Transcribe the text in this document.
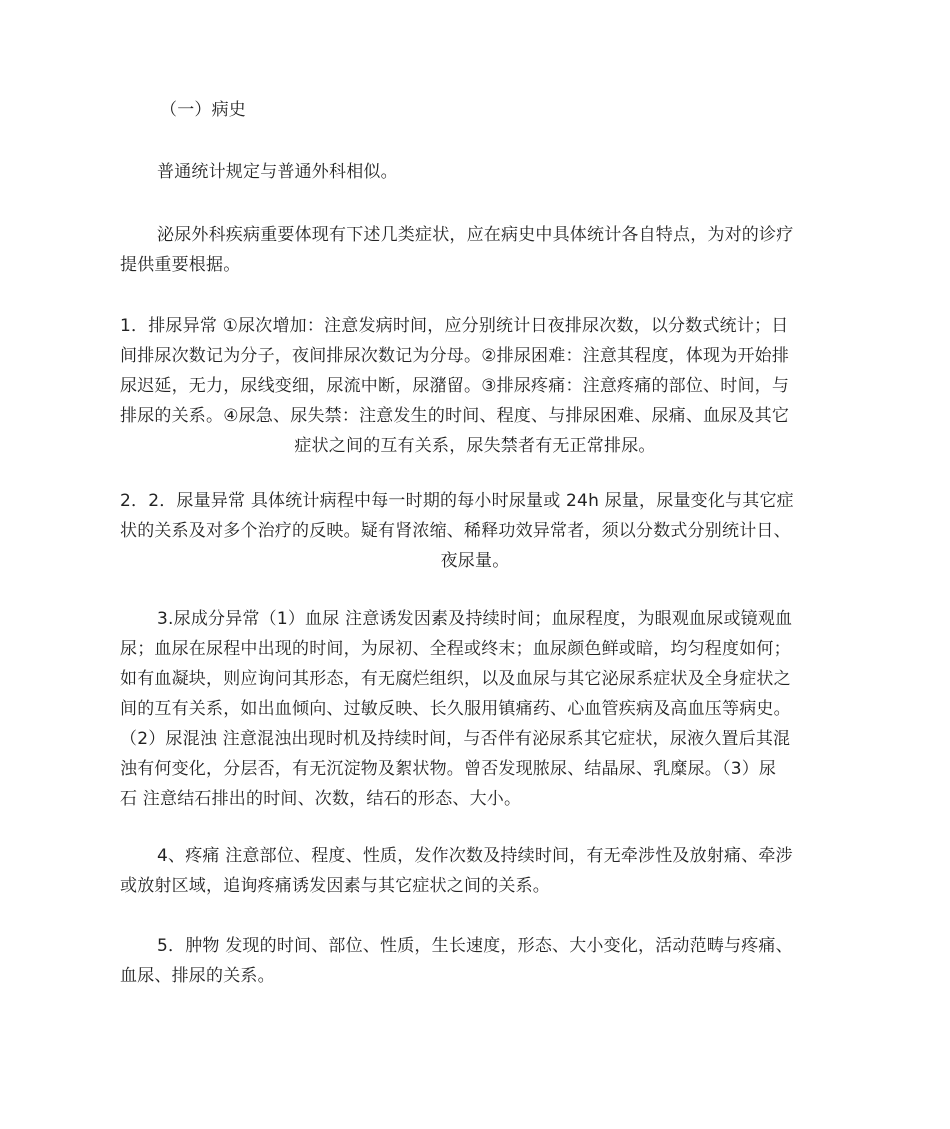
（一）病史
普通统计规定与普通外科相似。
泌尿外科疾病重要体现有下述几类症状，应在病史中具体统计各自特点，为对的诊疗
提供重要根据。
1．排尿异常 ①尿次增加：注意发病时间，应分别统计日夜排尿次数，以分数式统计；日
间排尿次数记为分子，夜间排尿次数记为分母。②排尿困难：注意其程度，体现为开始排
尿迟延，无力，尿线变细，尿流中断，尿潴留。③排尿疼痛：注意疼痛的部位、时间，与
排尿的关系。④尿急、尿失禁：注意发生的时间、程度、与排尿困难、尿痛、血尿及其它
症状之间的互有关系，尿失禁者有无正常排尿。
2．2．尿量异常 具体统计病程中每一时期的每小时尿量或 24h 尿量，尿量变化与其它症
状的关系及对多个治疗的反映。疑有肾浓缩、稀释功效异常者，须以分数式分别统计日、
夜尿量。
3.尿成分异常（1）血尿 注意诱发因素及持续时间；血尿程度，为眼观血尿或镜观血
尿；血尿在尿程中出现的时间，为尿初、全程或终末；血尿颜色鲜或暗，均匀程度如何；
如有血凝块，则应询问其形态，有无腐烂组织，以及血尿与其它泌尿系症状及全身症状之
间的互有关系，如出血倾向、过敏反映、长久服用镇痛药、心血管疾病及高血压等病史。
（2）尿混浊 注意混浊出现时机及持续时间，与否伴有泌尿系其它症状，尿液久置后其混
浊有何变化，分层否，有无沉淀物及絮状物。曾否发现脓尿、结晶尿、乳糜尿。（3）尿
石 注意结石排出的时间、次数，结石的形态、大小。
4、疼痛 注意部位、程度、性质，发作次数及持续时间，有无牵涉性及放射痛、牵涉
或放射区域，追询疼痛诱发因素与其它症状之间的关系。
5．肿物 发现的时间、部位、性质，生长速度，形态、大小变化，活动范畴与疼痛、
血尿、排尿的关系。
